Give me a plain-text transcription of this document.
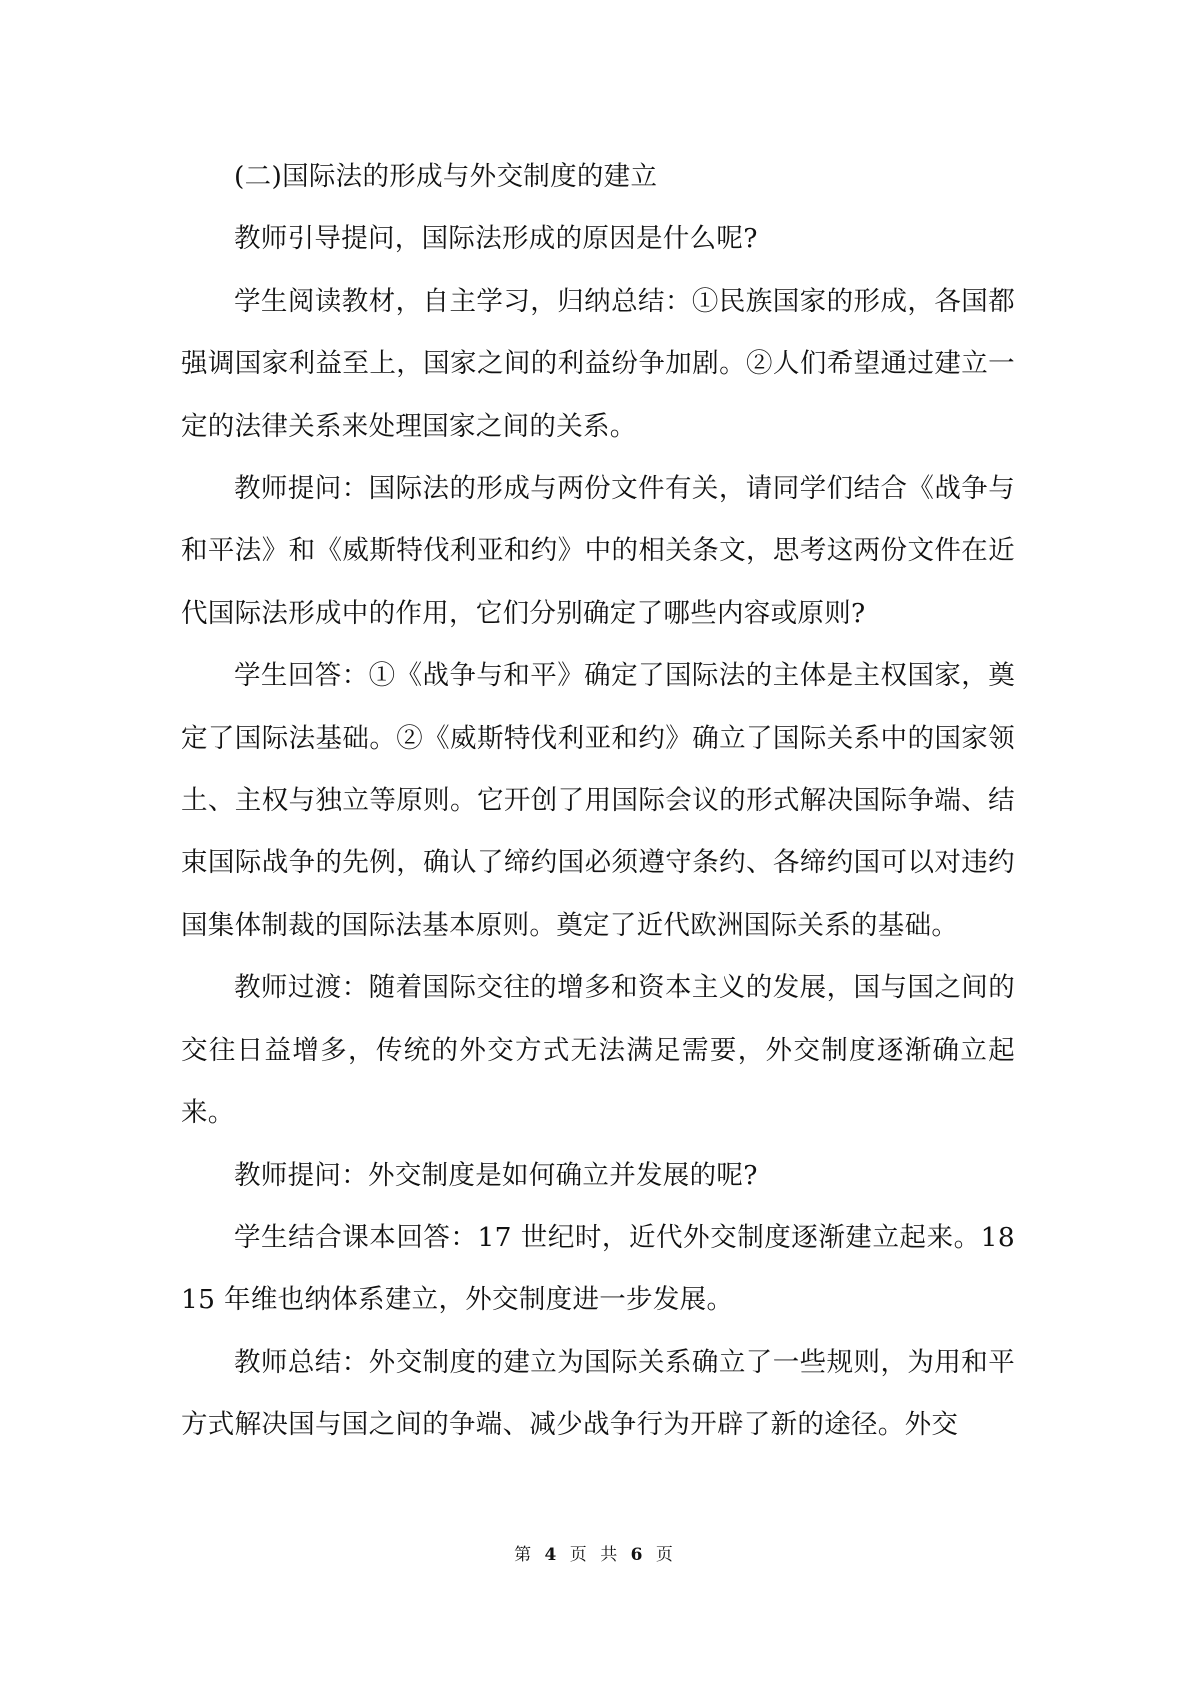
(二)国际法的形成与外交制度的建立

教师引导提问，国际法形成的原因是什么呢?

学生阅读教材，自主学习，归纳总结：①民族国家的形成，各国都强调国家利益至上，国家之间的利益纷争加剧。②人们希望通过建立一定的法律关系来处理国家之间的关系。

教师提问：国际法的形成与两份文件有关，请同学们结合《战争与和平法》和《威斯特伐利亚和约》中的相关条文，思考这两份文件在近代国际法形成中的作用，它们分别确定了哪些内容或原则?

学生回答：①《战争与和平》确定了国际法的主体是主权国家，奠定了国际法基础。②《威斯特伐利亚和约》确立了国际关系中的国家领土、主权与独立等原则。它开创了用国际会议的形式解决国际争端、结束国际战争的先例，确认了缔约国必须遵守条约、各缔约国可以对违约国集体制裁的国际法基本原则。奠定了近代欧洲国际关系的基础。

教师过渡：随着国际交往的增多和资本主义的发展，国与国之间的交往日益增多，传统的外交方式无法满足需要，外交制度逐渐确立起来。

教师提问：外交制度是如何确立并发展的呢?

学生结合课本回答：17 世纪时，近代外交制度逐渐建立起来。1815 年维也纳体系建立，外交制度进一步发展。

教师总结：外交制度的建立为国际关系确立了一些规则，为用和平方式解决国与国之间的争端、减少战争行为开辟了新的途径。外交

第 4 页 共 6 页
